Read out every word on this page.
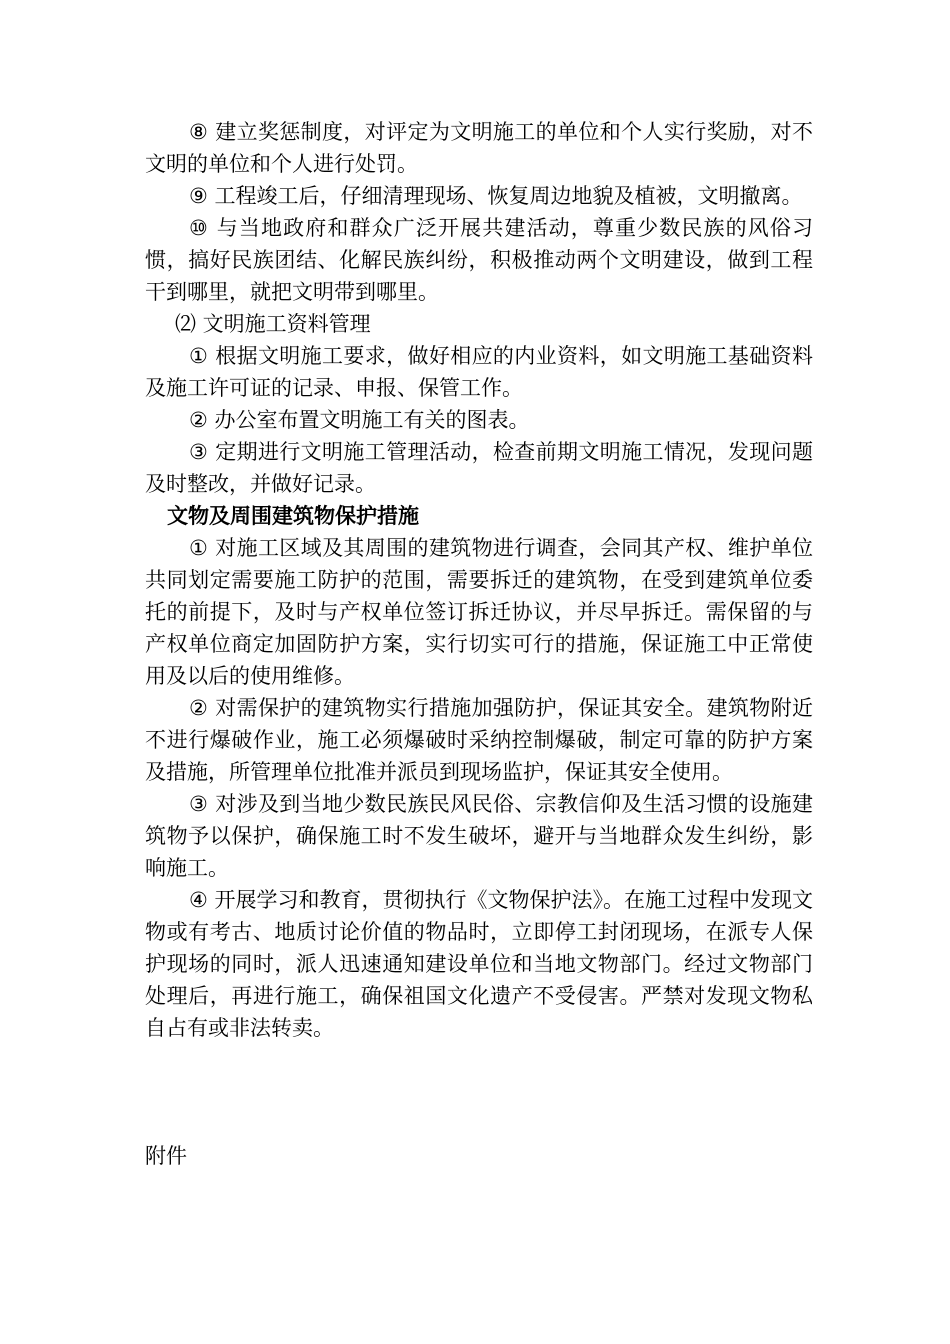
⑧ 建立奖惩制度，对评定为文明施工的单位和个人实行奖励，对不文明的单位和个人进行处罚。

⑨ 工程竣工后，仔细清理现场、恢复周边地貌及植被，文明撤离。

⑩ 与当地政府和群众广泛开展共建活动，尊重少数民族的风俗习惯，搞好民族团结、化解民族纠纷，积极推动两个文明建设，做到工程干到哪里，就把文明带到哪里。

⑵ 文明施工资料管理

① 根据文明施工要求，做好相应的内业资料，如文明施工基础资料及施工许可证的记录、申报、保管工作。

② 办公室布置文明施工有关的图表。

③ 定期进行文明施工管理活动，检查前期文明施工情况，发现问题及时整改，并做好记录。

文物及周围建筑物保护措施

① 对施工区域及其周围的建筑物进行调查，会同其产权、维护单位共同划定需要施工防护的范围，需要拆迁的建筑物，在受到建筑单位委托的前提下，及时与产权单位签订拆迁协议，并尽早拆迁。需保留的与产权单位商定加固防护方案，实行切实可行的措施，保证施工中正常使用及以后的使用维修。

② 对需保护的建筑物实行措施加强防护，保证其安全。建筑物附近不进行爆破作业，施工必须爆破时采纳控制爆破，制定可靠的防护方案及措施，所管理单位批准并派员到现场监护，保证其安全使用。

③ 对涉及到当地少数民族民风民俗、宗教信仰及生活习惯的设施建筑物予以保护，确保施工时不发生破坏，避开与当地群众发生纠纷，影响施工。

④ 开展学习和教育，贯彻执行《文物保护法》。在施工过程中发现文物或有考古、地质讨论价值的物品时，立即停工封闭现场，在派专人保护现场的同时，派人迅速通知建设单位和当地文物部门。经过文物部门处理后，再进行施工，确保祖国文化遗产不受侵害。严禁对发现文物私自占有或非法转卖。

附件
